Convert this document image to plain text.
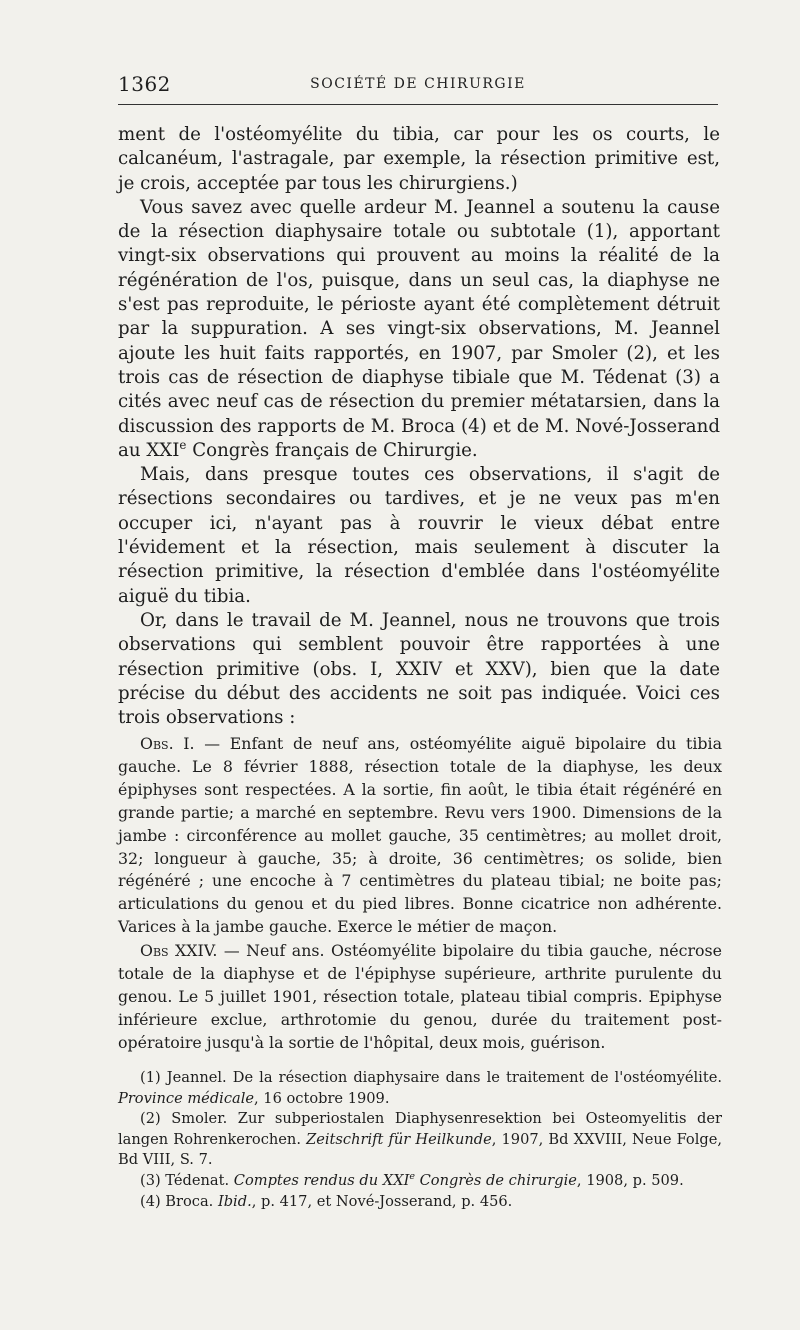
1362	SOCIÉTÉ DE CHIRURGIE

ment de l'ostéomyélite du tibia, car pour les os courts, le calcanéum, l'astragale, par exemple, la résection primitive est, je crois, acceptée par tous les chirurgiens.)

Vous savez avec quelle ardeur M. Jeannel a soutenu la cause de la résection diaphysaire totale ou subtotale (1), apportant vingt-six observations qui prouvent au moins la réalité de la régénération de l'os, puisque, dans un seul cas, la diaphyse ne s'est pas reproduite, le périoste ayant été complètement détruit par la suppuration. A ses vingt-six observations, M. Jeannel ajoute les huit faits rapportés, en 1907, par Smoler (2), et les trois cas de résection de diaphyse tibiale que M. Tédenat (3) a cités avec neuf cas de résection du premier métatarsien, dans la discussion des rapports de M. Broca (4) et de M. Nové-Josserand au XXIe Congrès français de Chirurgie.

Mais, dans presque toutes ces observations, il s'agit de résections secondaires ou tardives, et je ne veux pas m'en occuper ici, n'ayant pas à rouvrir le vieux débat entre l'évidement et la résection, mais seulement à discuter la résection primitive, la résection d'emblée dans l'ostéomyélite aiguë du tibia.

Or, dans le travail de M. Jeannel, nous ne trouvons que trois observations qui semblent pouvoir être rapportées à une résection primitive (obs. I, XXIV et XXV), bien que la date précise du début des accidents ne soit pas indiquée. Voici ces trois observations :

Obs. I. — Enfant de neuf ans, ostéomyélite aiguë bipolaire du tibia gauche. Le 8 février 1888, résection totale de la diaphyse, les deux épiphyses sont respectées. A la sortie, fin août, le tibia était régénéré en grande partie; a marché en septembre. Revu vers 1900. Dimensions de la jambe : circonférence au mollet gauche, 35 centimètres; au mollet droit, 32; longueur à gauche, 35; à droite, 36 centimètres; os solide, bien régénéré ; une encoche à 7 centimètres du plateau tibial; ne boite pas; articulations du genou et du pied libres. Bonne cicatrice non adhérente. Varices à la jambe gauche. Exerce le métier de maçon.

Obs XXIV. — Neuf ans. Ostéomyélite bipolaire du tibia gauche, nécrose totale de la diaphyse et de l'épiphyse supérieure, arthrite purulente du genou. Le 5 juillet 1901, résection totale, plateau tibial compris. Epiphyse inférieure exclue, arthrotomie du genou, durée du traitement post-opératoire jusqu'à la sortie de l'hôpital, deux mois, guérison.

(1) Jeannel. De la résection diaphysaire dans le traitement de l'ostéomyélite. Province médicale, 16 octobre 1909.

(2) Smoler. Zur subperiostalen Diaphysenresektion bei Osteomyelitis der langen Rohrenkerochen. Zeitschrift für Heilkunde, 1907, Bd XXVIII, Neue Folge, Bd VIII, S. 7.

(3) Tédenat. Comptes rendus du XXIe Congrès de chirurgie, 1908, p. 509.

(4) Broca. Ibid., p. 417, et Nové-Josserand, p. 456.
